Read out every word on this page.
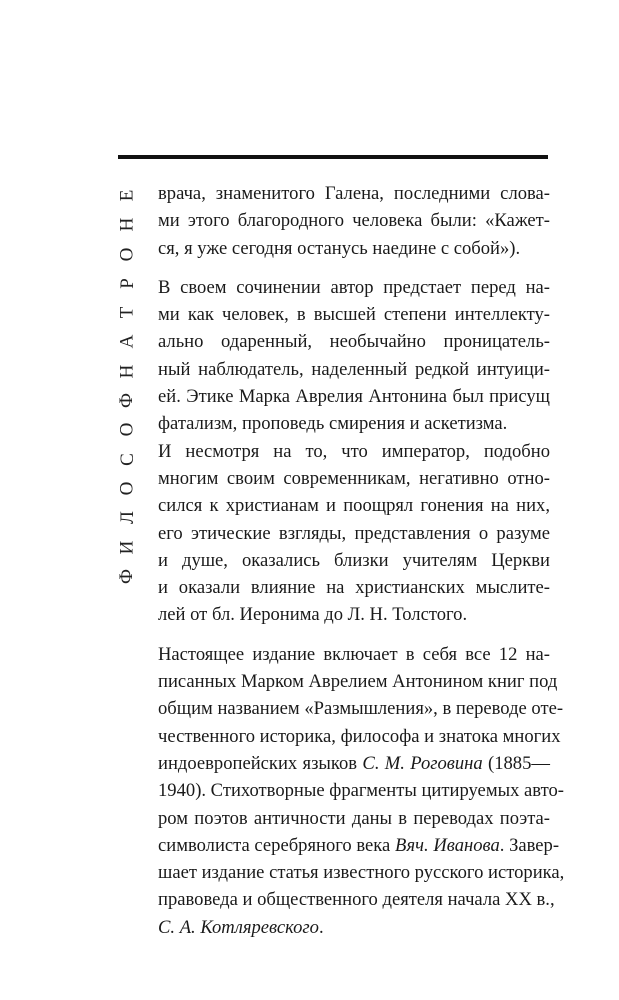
Е
Н
О
Р
Т
А
Н
Ф
О
С
О
Л
И
Ф

врача, знаменитого Галена, последними слова-
ми этого благородного человека были: «Кажет-
ся, я уже сегодня останусь наедине с собой»).

В своем сочинении автор предстает перед на-
ми как человек, в высшей степени интеллекту-
ально одаренный, необычайно проницатель-
ный наблюдатель, наделенный редкой интуици-
ей. Этике Марка Аврелия Антонина был присущ
фатализм, проповедь смирения и аскетизма.
И несмотря на то, что император, подобно
многим своим современникам, негативно отно-
сился к христианам и поощрял гонения на них,
его этические взгляды, представления о разуме
и душе, оказались близки учителям Церкви
и оказали влияние на христианских мыслите-
лей от бл. Иеронима до Л. Н. Толстого.

Настоящее издание включает в себя все 12 на-
писанных Марком Аврелием Антонином книг под
общим названием «Размышления», в переводе оте-
чественного историка, философа и знатока многих
индоевропейских языков С. М. Роговина (1885—
1940). Стихотворные фрагменты цитируемых авто-
ром поэтов античности даны в переводах поэта-
символиста серебряного века Вяч. Иванова. Завер-
шает издание статья известного русского историка,
правоведа и общественного деятеля начала XX в.,
С. А. Котляревского.
